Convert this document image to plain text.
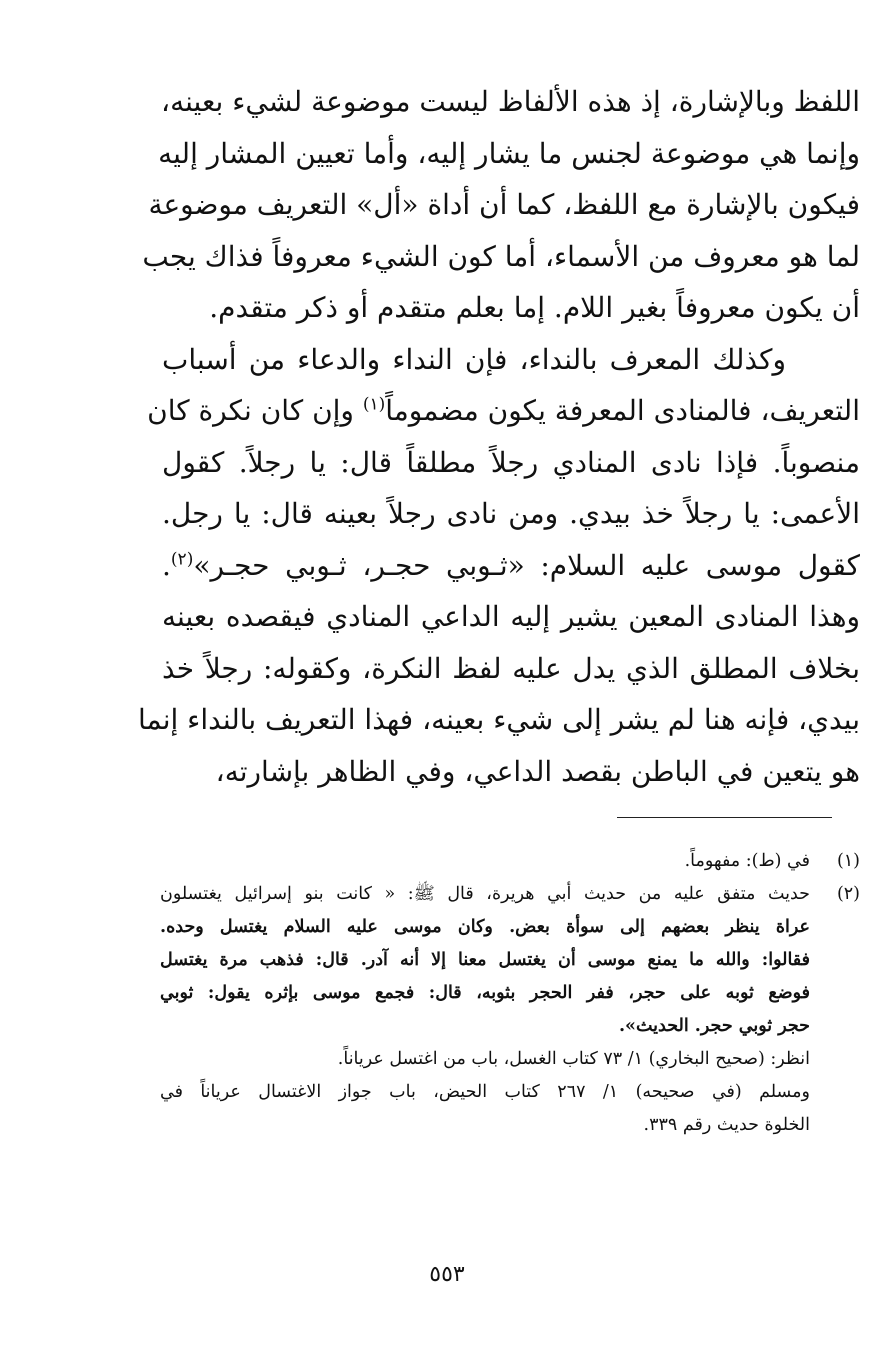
اللفظ وبالإشارة، إذ هذه الألفاظ ليست موضوعة لشيء بعينه،
وإنما هي موضوعة لجنس ما يشار إليه، وأما تعيين المشار إليه
فيكون بالإشارة مع اللفظ، كما أن أداة «أل» التعريف موضوعة
لما هو معروف من الأسماء، أما كون الشيء معروفاً فذاك يجب
أن يكون معروفاً بغير اللام. إما بعلم متقدم أو ذكر متقدم.
وكذلك المعرف بالنداء، فإن النداء والدعاء من أسباب
التعريف، فالمنادى المعرفة يكون مضموماً$^{(١)}$ وإن كان نكرة كان
منصوباً. فإذا نادى المنادي رجلاً مطلقاً قال: يا رجلاً. كقول
الأعمى: يا رجلاً خذ بيدي. ومن نادى رجلاً بعينه قال: يا رجل.
كقول موسى عليه السلام: «ثـوبي حجـر، ثـوبي حجـر»$^{(٢)}$.
وهذا المنادى المعين يشير إليه الداعي المنادي فيقصده بعينه
بخلاف المطلق الذي يدل عليه لفظ النكرة، وكقوله: رجلاً خذ
بيدي، فإنه هنا لم يشر إلى شيء بعينه، فهذا التعريف بالنداء إنما
هو يتعين في الباطن بقصد الداعي، وفي الظاهر بإشارته،
(١)
في (ط): مفهوماً.
(٢)
حديث متفق عليه من حديث أبي هريرة، قال ﷺ: « كانت بنو إسرائيل يغتسلون
عراة ينظر بعضهم إلى سوأة بعض. وكان موسى عليه السلام يغتسل وحده.
فقالوا: والله ما يمنع موسى أن يغتسل معنا إلا أنه آدر. قال: فذهب مرة يغتسل
فوضع ثوبه على حجر، ففر الحجر بثوبه، قال: فجمع موسى بإثره يقول: ثوبي
حجر ثوبي حجر. الحديث».
انظر: (صحيح البخاري) ١/ ٧٣ كتاب الغسل، باب من اغتسل عرياناً.
ومسلم (في صحيحه) ١/ ٢٦٧ كتاب الحيض، باب جواز الاغتسال عرياناً في
الخلوة حديث رقم ٣٣٩.
٥٥٣
